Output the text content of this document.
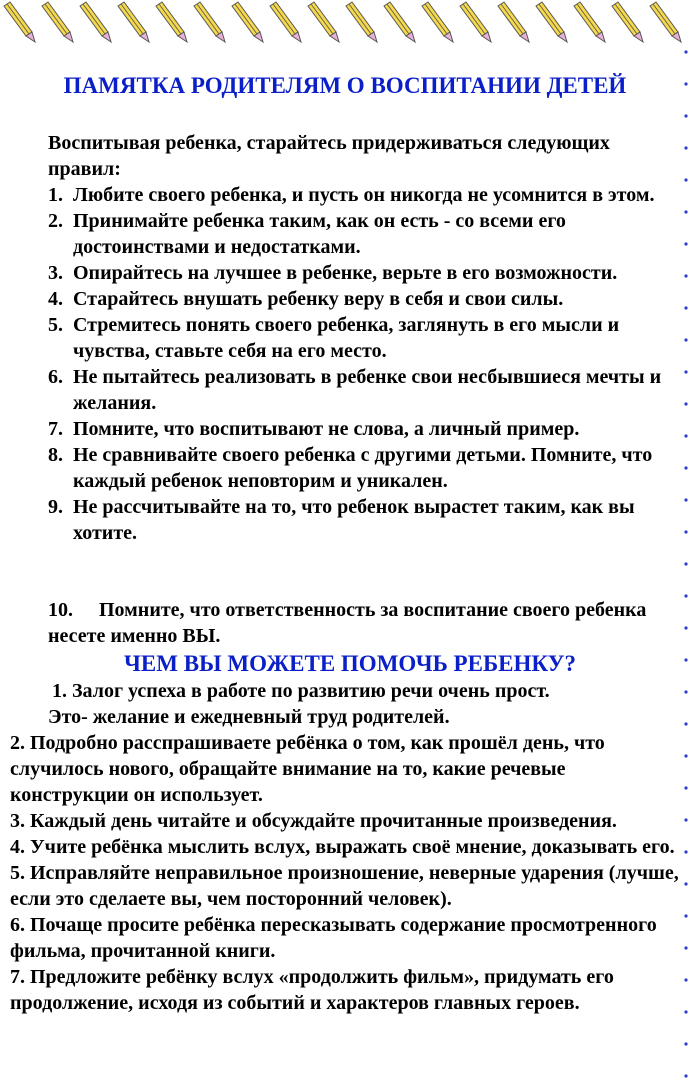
ПАМЯТКА РОДИТЕЛЯМ О ВОСПИТАНИИ ДЕТЕЙ

Воспитывая ребенка, старайтесь придерживаться следующих правил:

1. Любите своего ребенка, и пусть он никогда не усомнится в этом.
2. Принимайте ребенка таким, как он есть - со всеми его достоинствами и недостатками.
3. Опирайтесь на лучшее в ребенке, верьте в его возможности.
4. Старайтесь внушать ребенку веру в себя и свои силы.
5. Стремитесь понять своего ребенка, заглянуть в его мысли и чувства, ставьте себя на его место.
6. Не пытайтесь реализовать в ребенке свои несбывшиеся мечты и желания.
7. Помните, что воспитывают не слова, а личный пример.
8. Не сравнивайте своего ребенка с другими детьми. Помните, что каждый ребенок неповторим и уникален.
9. Не рассчитывайте на то, что ребенок вырастет таким, как вы хотите.

10. Помните, что ответственность за воспитание своего ребенка несете именно ВЫ.

ЧЕМ ВЫ МОЖЕТЕ ПОМОЧЬ РЕБЕНКУ?

1. Залог успеха в работе по развитию речи очень прост.
Это- желание и ежедневный труд родителей.

2. Подробно расспрашиваете ребёнка о том, как прошёл день, что случилось нового, обращайте внимание на то, какие речевые конструкции он использует.
3. Каждый день читайте и обсуждайте прочитанные произведения.
4. Учите ребёнка мыслить вслух, выражать своё мнение, доказывать его.
5. Исправляйте неправильное произношение, неверные ударения (лучше, если это сделаете вы, чем посторонний человек).
6. Почаще просите ребёнка пересказывать содержание просмотренного фильма, прочитанной книги.
7. Предложите ребёнку вслух «продолжить фильм», придумать его продолжение, исходя из событий и характеров главных героев.
